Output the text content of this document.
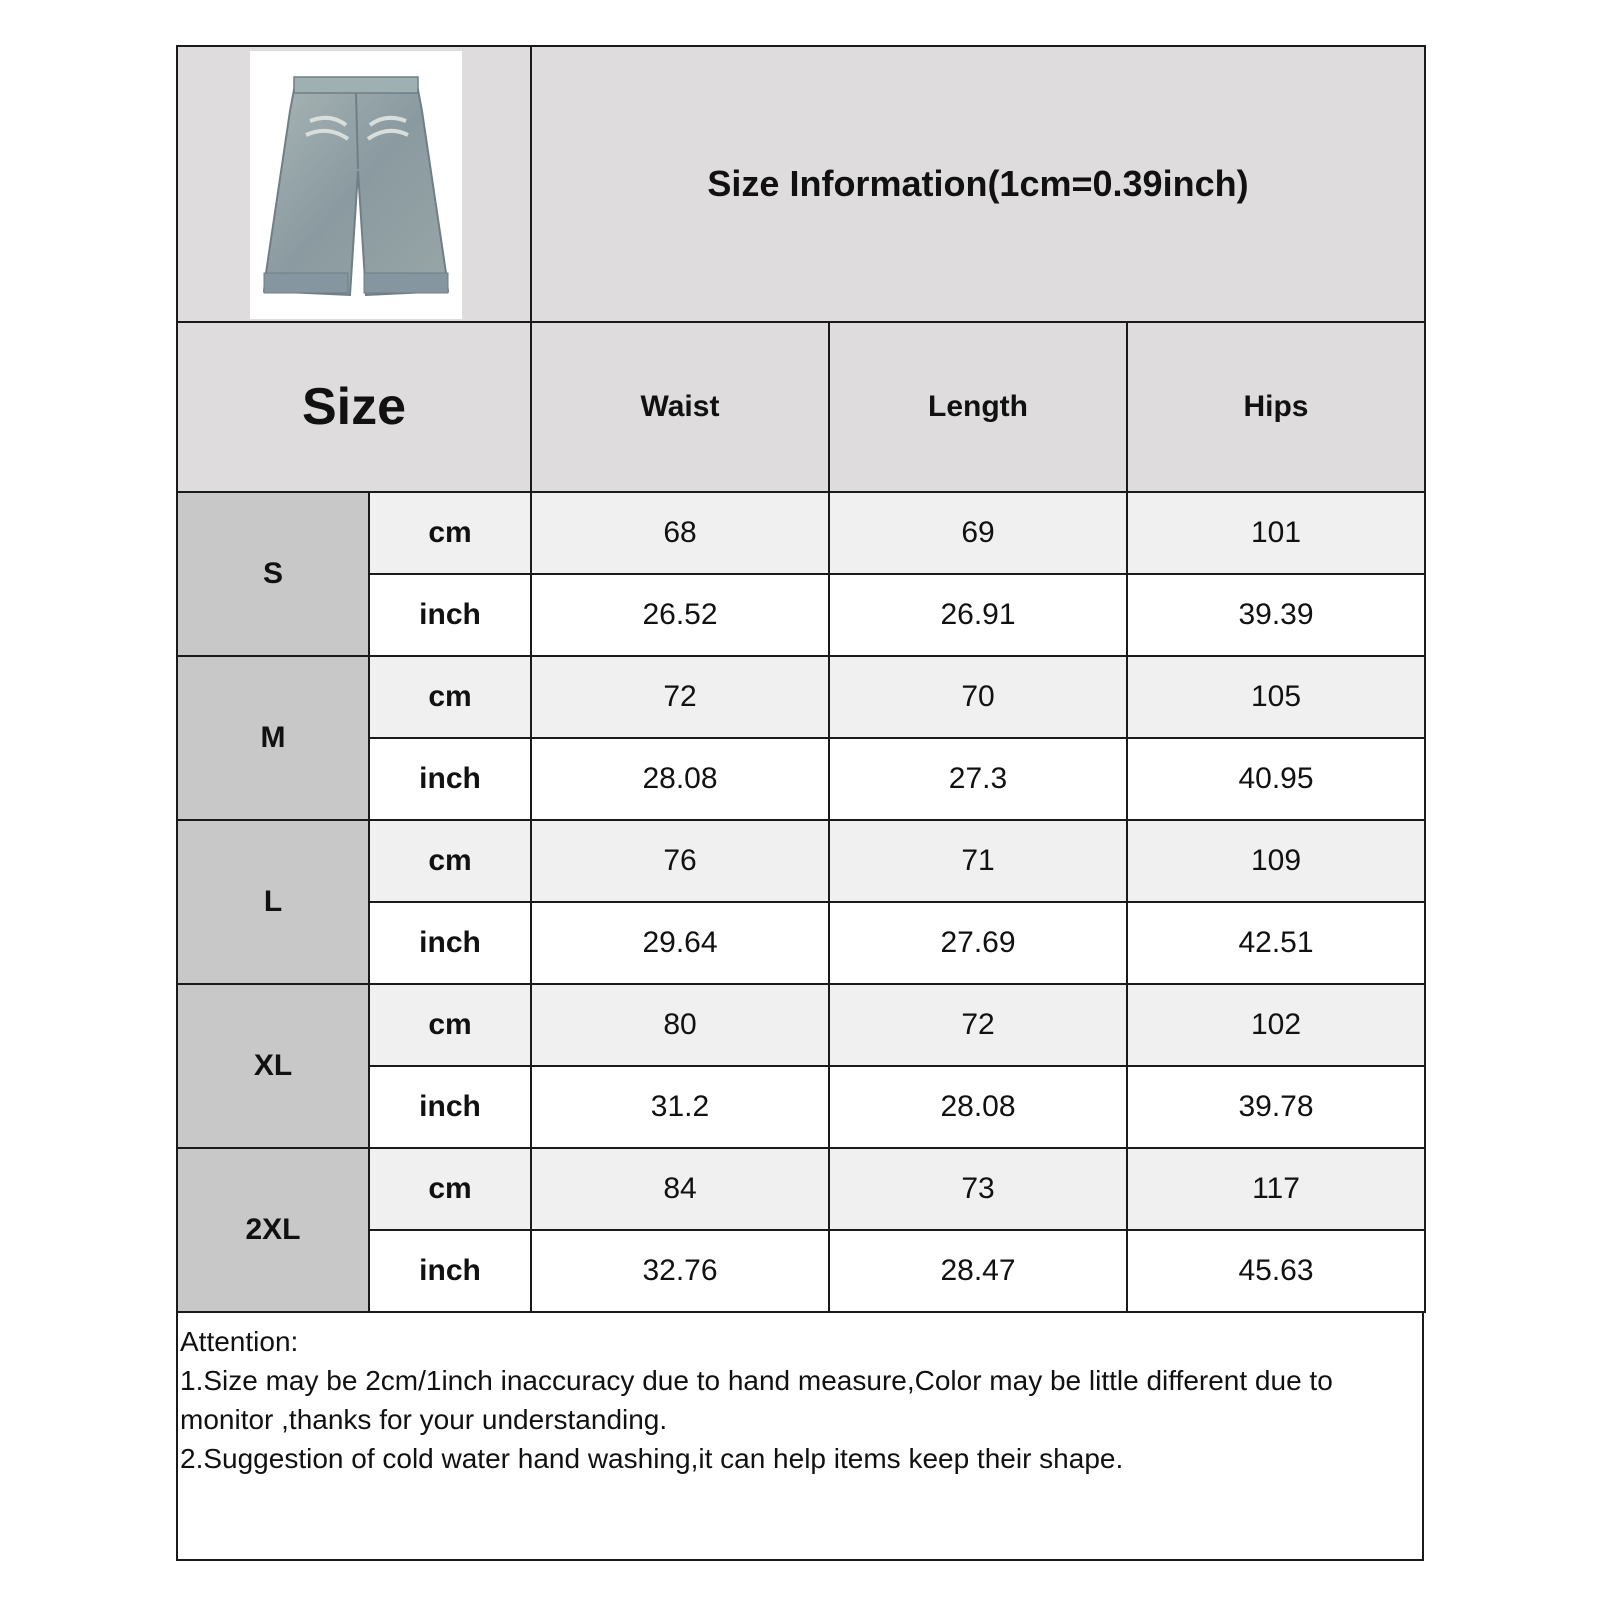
Size Information(1cm=0.39inch)
Size	Waist	Length	Hips
S
cm	68	69	101
inch	26.52	26.91	39.39
M
cm	72	70	105
inch	28.08	27.3	40.95
L
cm	76	71	109
inch	29.64	27.69	42.51
XL
cm	80	72	102
inch	31.2	28.08	39.78
2XL
cm	84	73	117
inch	32.76	28.47	45.63

Attention:

1.Size may be 2cm/1inch inaccuracy due to hand measure,Color may be little different due to monitor ,thanks for your understanding.

2.Suggestion of cold water hand washing,it can help items keep their shape.
